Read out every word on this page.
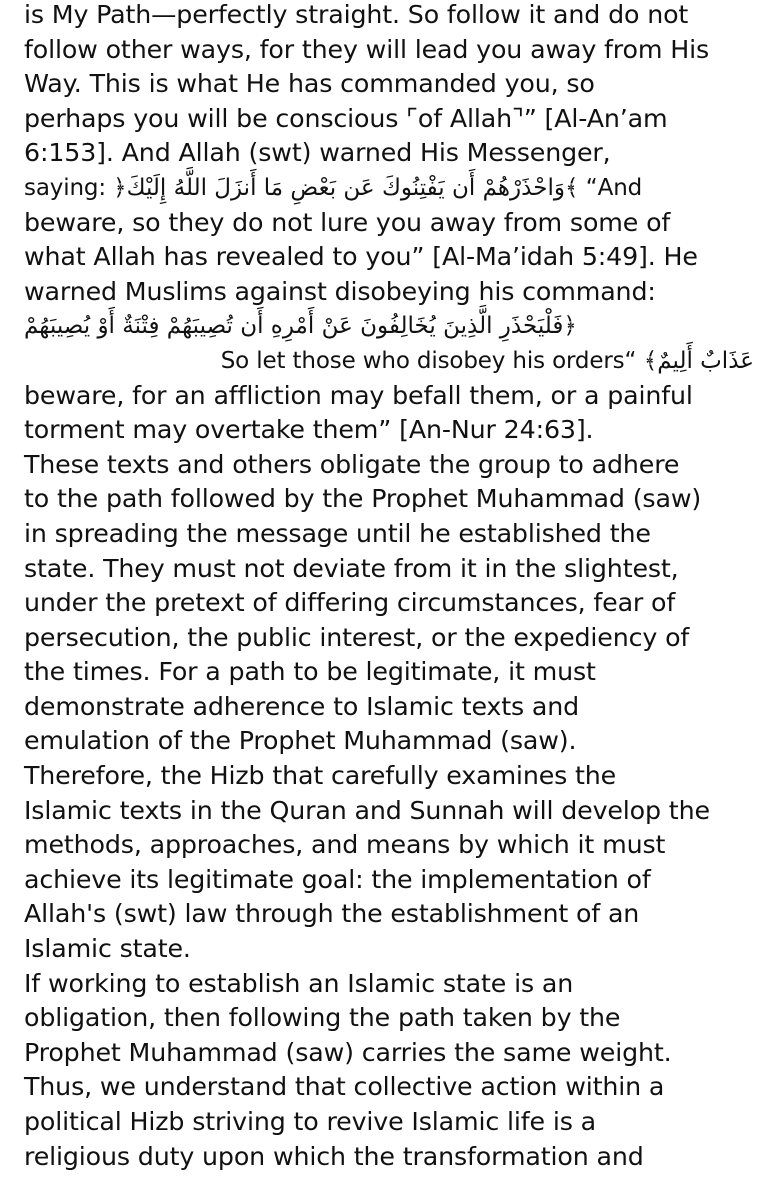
is My Path—perfectly straight. So follow it and do not
follow other ways, for they will lead you away from His
Way. This is what He has commanded you, so
perhaps you will be conscious ⌜of Allah⌝” [Al-An’am
6:153]. And Allah (swt) warned His Messenger,
saying: ﴿وَاحْذَرْهُمْ أَن يَفْتِنُوكَ عَن بَعْضِ مَا أَنزَلَ اللَّهُ إِلَيْكَ﴾ “And
beware, so they do not lure you away from some of
what Allah has revealed to you” [Al-Ma’idah 5:49]. He
warned Muslims against disobeying his command:
﴿فَلْيَحْذَرِ الَّذِينَ يُخَالِفُونَ عَنْ أَمْرِهِ أَن تُصِيبَهُمْ فِتْنَةٌ أَوْ يُصِيبَهُمْ
عَذَابٌ أَلِيمٌ﴾ “So let those who disobey his orders
beware, for an affliction may befall them, or a painful
torment may overtake them” [An-Nur 24:63].
These texts and others obligate the group to adhere
to the path followed by the Prophet Muhammad (saw)
in spreading the message until he established the
state. They must not deviate from it in the slightest,
under the pretext of differing circumstances, fear of
persecution, the public interest, or the expediency of
the times. For a path to be legitimate, it must
demonstrate adherence to Islamic texts and
emulation of the Prophet Muhammad (saw).
Therefore, the Hizb that carefully examines the
Islamic texts in the Quran and Sunnah will develop the
methods, approaches, and means by which it must
achieve its legitimate goal: the implementation of
Allah's (swt) law through the establishment of an
Islamic state.
If working to establish an Islamic state is an
obligation, then following the path taken by the
Prophet Muhammad (saw) carries the same weight.
Thus, we understand that collective action within a
political Hizb striving to revive Islamic life is a
religious duty upon which the transformation and
